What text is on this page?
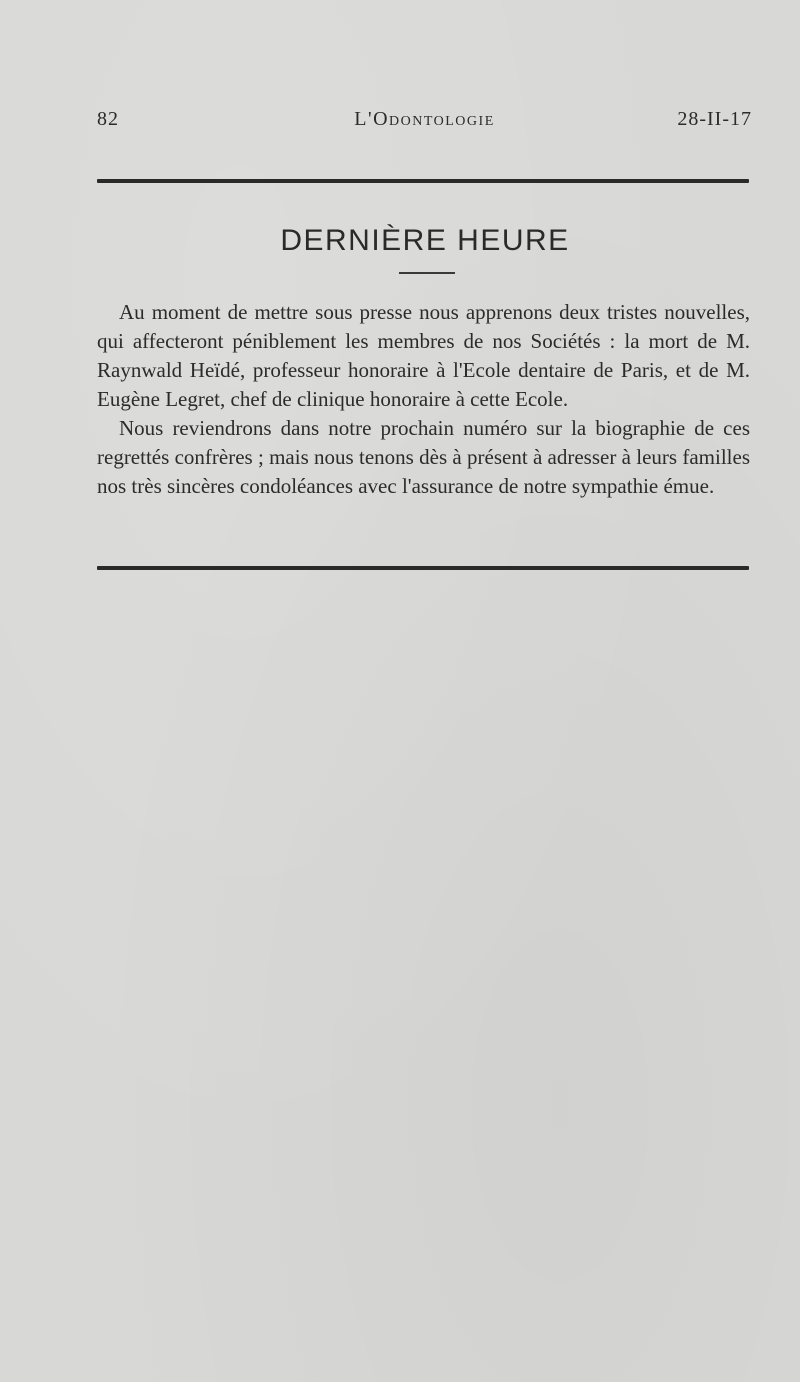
82	L'Odontologie	28-II-17
DERNIÈRE HEURE

Au moment de mettre sous presse nous apprenons deux tristes nouvelles, qui affecteront péniblement les membres de nos Sociétés : la mort de M. Raynwald Heïdé, professeur honoraire à l'Ecole dentaire de Paris, et de M. Eugène Legret, chef de clinique honoraire à cette Ecole.

Nous reviendrons dans notre prochain numéro sur la biographie de ces regrettés confrères ; mais nous tenons dès à présent à adresser à leurs familles nos très sincères condoléances avec l'assurance de notre sympathie émue.
